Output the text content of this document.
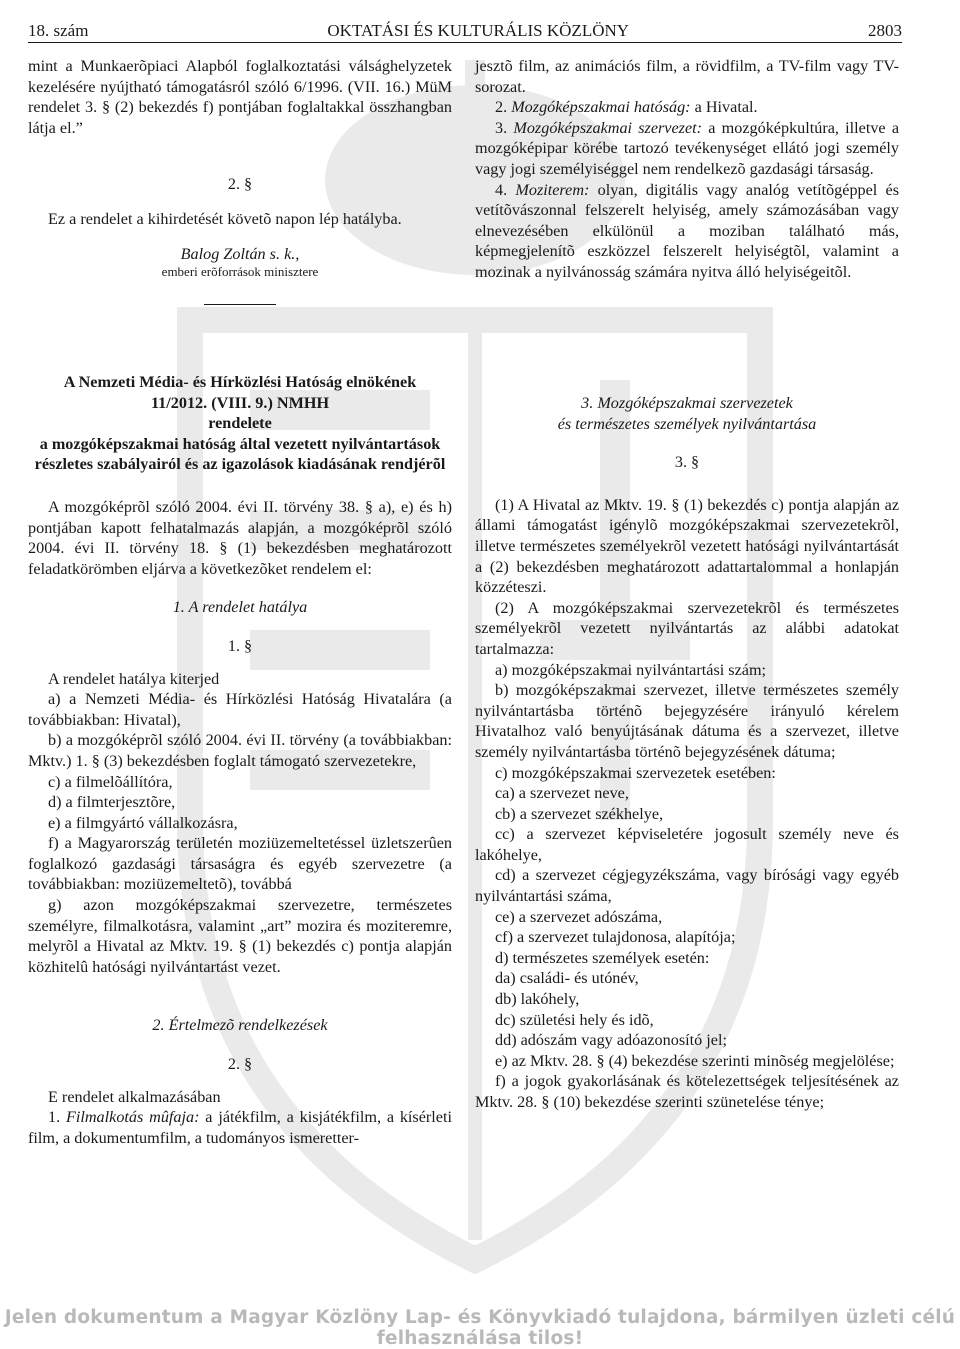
18. szám	OKTATÁSI ÉS KULTURÁLIS KÖZLÖNY	2803

mint a Munkaerõpiaci Alapból foglalkoztatási válsághelyzetek kezelésére nyújtható támogatásról szóló 6/1996. (VII. 16.) MüM rendelet 3. § (2) bekezdés f) pontjában foglaltakkal összhangban látja el.”

2. §

Ez a rendelet a kihirdetését követõ napon lép hatályba.

Balog Zoltán s. k.,

emberi erõforrások minisztere

jesztõ film, az animációs film, a rövidfilm, a TV-film vagy TV-sorozat.

2. Mozgóképszakmai hatóság: a Hivatal.

3. Mozgóképszakmai szervezet: a mozgóképkultúra, illetve a mozgóképipar körébe tartozó tevékenységet ellátó jogi személy vagy jogi személyiséggel nem rendelkezõ gazdasági társaság.

4. Moziterem: olyan, digitális vagy analóg vetítõgéppel és vetítõvászonnal felszerelt helyiség, amely számozásában vagy elnevezésében elkülönül a moziban található más, képmegjelenítõ eszközzel felszerelt helyiségtõl, valamint a mozinak a nyilvánosság számára nyitva álló helyiségeitõl.

A Nemzeti Média- és Hírközlési Hatóság elnökének

11/2012. (VIII. 9.) NMHH

rendelete

a mozgóképszakmai hatóság által vezetett nyilvántartások részletes szabályairól és az igazolások kiadásának rendjérõl

A mozgóképrõl szóló 2004. évi II. törvény 38. § a), e) és h) pontjában kapott felhatalmazás alapján, a mozgóképrõl szóló 2004. évi II. törvény 18. § (1) bekezdésben meghatározott feladatkörömben eljárva a következõket rendelem el:

1. A rendelet hatálya

1. §

A rendelet hatálya kiterjed

a) a Nemzeti Média- és Hírközlési Hatóság Hivatalára (a továbbiakban: Hivatal),

b) a mozgóképrõl szóló 2004. évi II. törvény (a továbbiakban: Mktv.) 1. § (3) bekezdésben foglalt támogató szervezetekre,

c) a filmelõállítóra,

d) a filmterjesztõre,

e) a filmgyártó vállalkozásra,

f) a Magyarország területén moziüzemeltetéssel üzletszerûen foglalkozó gazdasági társaságra és egyéb szervezetre (a továbbiakban: moziüzemeltetõ), továbbá

g) azon mozgóképszakmai szervezetre, természetes személyre, filmalkotásra, valamint „art” mozira és moziteremre, melyrõl a Hivatal az Mktv. 19. § (1) bekezdés c) pontja alapján közhitelû hatósági nyilvántartást vezet.

2. Értelmezõ rendelkezések

2. §

E rendelet alkalmazásában

1. Filmalkotás mûfaja: a játékfilm, a kisjátékfilm, a kísérleti film, a dokumentumfilm, a tudományos ismeretter-

3. Mozgóképszakmai szervezetek

és természetes személyek nyilvántartása

3. §

(1) A Hivatal az Mktv. 19. § (1) bekezdés c) pontja alapján az állami támogatást igénylõ mozgóképszakmai szervezetekrõl, illetve természetes személyekrõl vezetett hatósági nyilvántartását a (2) bekezdésben meghatározott adattartalommal a honlapján közzéteszi.

(2) A mozgóképszakmai szervezetekrõl és természetes személyekrõl vezetett nyilvántartás az alábbi adatokat tartalmazza:

a) mozgóképszakmai nyilvántartási szám;

b) mozgóképszakmai szervezet, illetve természetes személy nyilvántartásba történõ bejegyzésére irányuló kérelem Hivatalhoz való benyújtásának dátuma és a szervezet, illetve személy nyilvántartásba történõ bejegyzésének dátuma;

c) mozgóképszakmai szervezetek esetében:

ca) a szervezet neve,

cb) a szervezet székhelye,

cc) a szervezet képviseletére jogosult személy neve és lakóhelye,

cd) a szervezet cégjegyzékszáma, vagy bírósági vagy egyéb nyilvántartási száma,

ce) a szervezet adószáma,

cf) a szervezet tulajdonosa, alapítója;

d) természetes személyek esetén:

da) családi- és utónév,

db) lakóhely,

dc) születési hely és idõ,

dd) adószám vagy adóazonosító jel;

e) az Mktv. 28. § (4) bekezdése szerinti minõség megjelölése;

f) a jogok gyakorlásának és kötelezettségek teljesítésének az Mktv. 28. § (10) bekezdése szerinti szünetelése ténye;

Jelen dokumentum a Magyar Közlöny Lap- és Könyvkiadó tulajdona, bármilyen üzleti célú felhasználása tilos!
